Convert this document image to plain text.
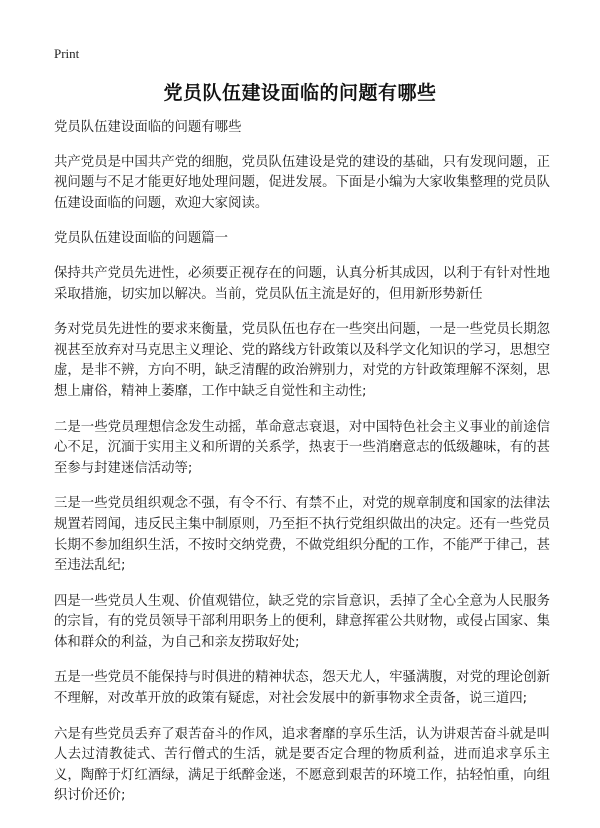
Print
党员队伍建设面临的问题有哪些

党员队伍建设面临的问题有哪些

共产党员是中国共产党的细胞，党员队伍建设是党的建设的基础，只有发现问题，正视问题与不足才能更好地处理问题，促进发展。下面是小编为大家收集整理的党员队伍建设面临的问题，欢迎大家阅读。

党员队伍建设面临的问题篇一

保持共产党员先进性，必须要正视存在的问题，认真分析其成因，以利于有针对性地采取措施，切实加以解决。当前，党员队伍主流是好的，但用新形势新任

务对党员先进性的要求来衡量，党员队伍也存在一些突出问题，一是一些党员长期忽视甚至放弃对马克思主义理论、党的路线方针政策以及科学文化知识的学习，思想空虚，是非不辨，方向不明，缺乏清醒的政治辨别力，对党的方针政策理解不深刻，思想上庸俗，精神上萎靡，工作中缺乏自觉性和主动性;

二是一些党员理想信念发生动摇，革命意志衰退，对中国特色社会主义事业的前途信心不足，沉湎于实用主义和所谓的关系学，热衷于一些消磨意志的低级趣味，有的甚至参与封建迷信活动等;

三是一些党员组织观念不强，有令不行、有禁不止，对党的规章制度和国家的法律法规置若罔闻，违反民主集中制原则，乃至拒不执行党组织做出的决定。还有一些党员长期不参加组织生活，不按时交纳党费，不做党组织分配的工作，不能严于律己，甚至违法乱纪;

四是一些党员人生观、价值观错位，缺乏党的宗旨意识，丢掉了全心全意为人民服务的宗旨，有的党员领导干部利用职务上的便利，肆意挥霍公共财物，或侵占国家、集体和群众的利益，为自己和亲友捞取好处;

五是一些党员不能保持与时俱进的精神状态，怨天尤人，牢骚满腹，对党的理论创新不理解，对改革开放的政策有疑虑，对社会发展中的新事物求全责备，说三道四;

六是有些党员丢弃了艰苦奋斗的作风，追求奢靡的享乐生活，认为讲艰苦奋斗就是叫人去过清教徒式、苦行僧式的生活，就是要否定合理的物质利益，进而追求享乐主义，陶醉于灯红酒绿，满足于纸醉金迷，不愿意到艰苦的环境工作，拈轻怕重，向组织讨价还价;
